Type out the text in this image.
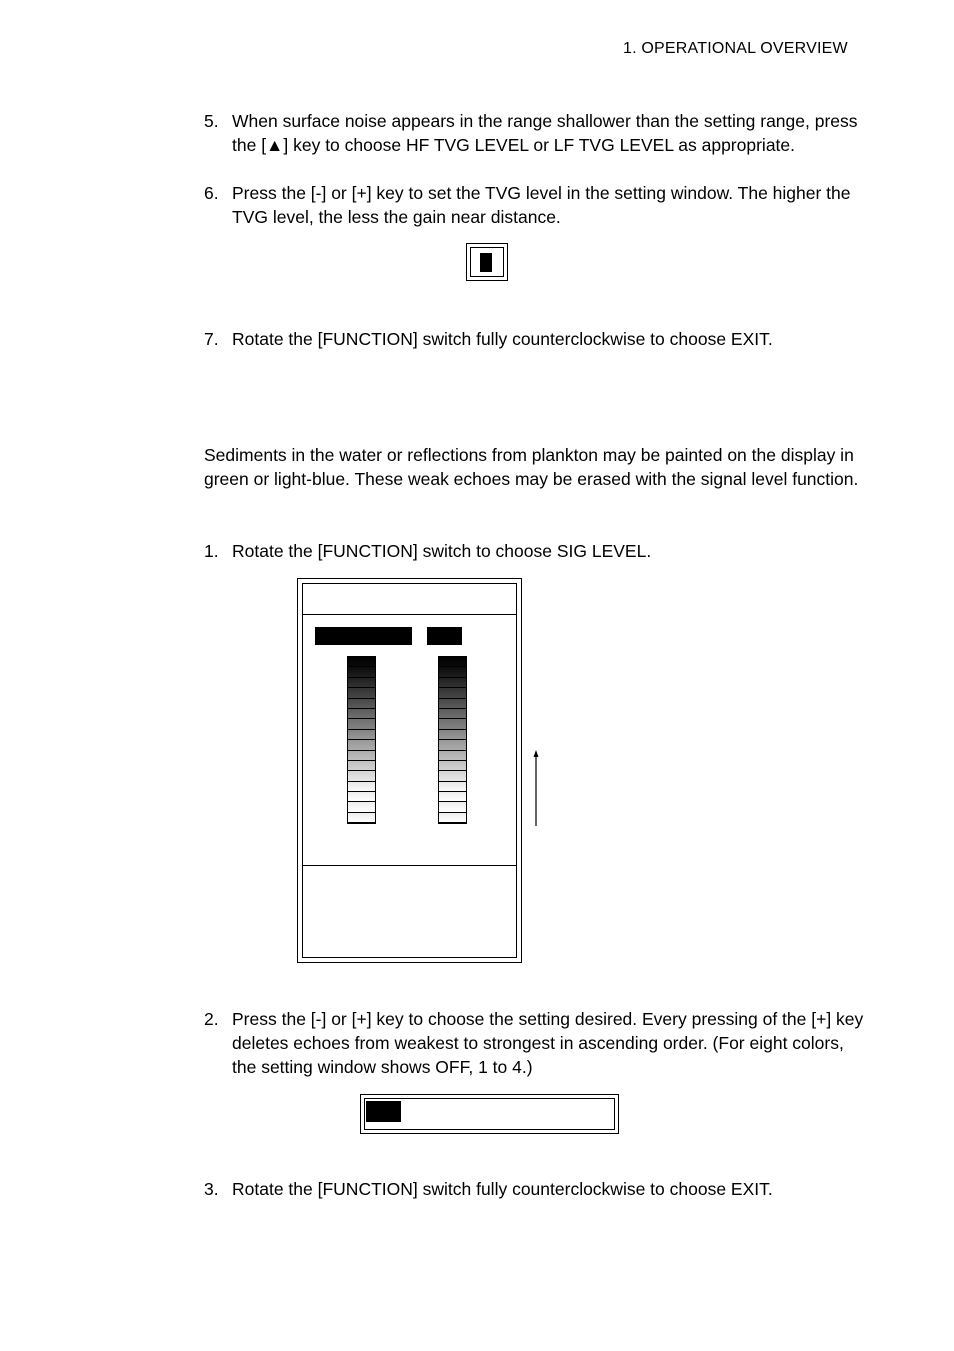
1. OPERATIONAL OVERVIEW
5. When surface noise appears in the range shallower than the setting range, press the [▲] key to choose HF TVG LEVEL or LF TVG LEVEL as appropriate.
6. Press the [-] or [+] key to set the TVG level in the setting window. The higher the TVG level, the less the gain near distance.
7. Rotate the [FUNCTION] switch fully counterclockwise to choose EXIT.
Sediments in the water or reflections from plankton may be painted on the display in green or light-blue. These weak echoes may be erased with the signal level function.
1. Rotate the [FUNCTION] switch to choose SIG LEVEL.
2. Press the [-] or [+] key to choose the setting desired. Every pressing of the [+] key deletes echoes from weakest to strongest in ascending order. (For eight colors, the setting window shows OFF, 1 to 4.)
3. Rotate the [FUNCTION] switch fully counterclockwise to choose EXIT.
